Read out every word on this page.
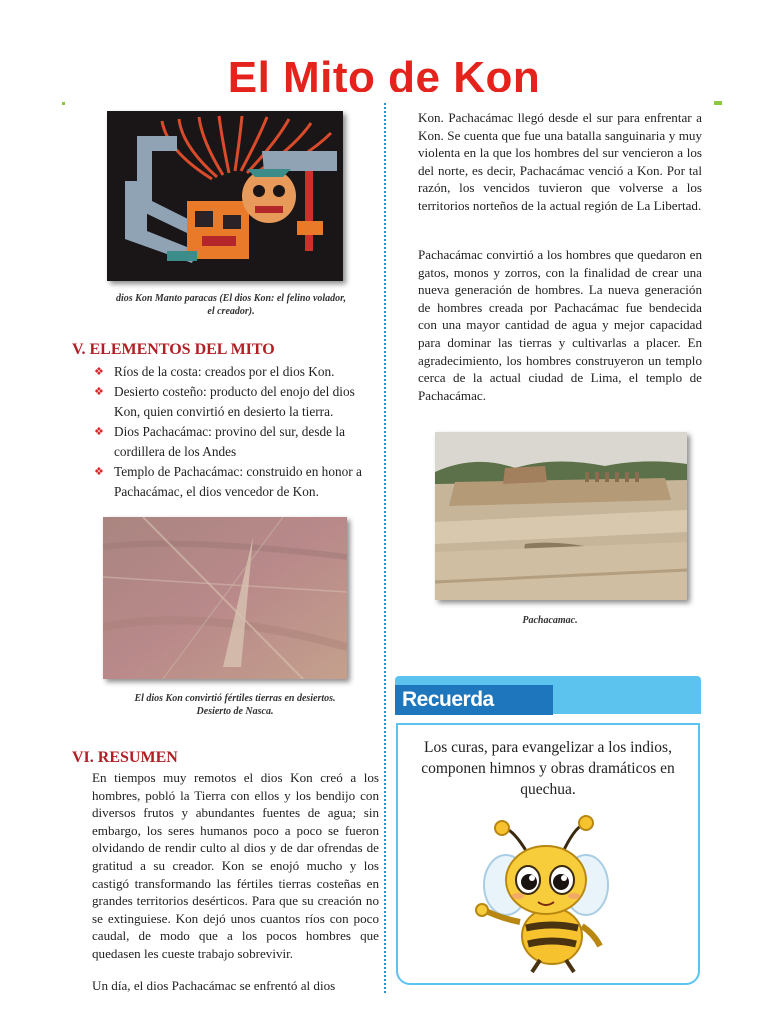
El Mito de Kon
dios Kon Manto paracas (El dios Kon: el felino volador,
el creador).
V. ELEMENTOS DEL MITO
❖ Ríos de la costa: creados por el dios Kon.
❖ Desierto costeño: producto del enojo del dios Kon, quien convirtió en desierto la tierra.
❖ Dios Pachacámac: provino del sur, desde la cordillera de los Andes
❖ Templo de Pachacámac: construido en honor a Pachacámac, el dios vencedor de Kon.
El dios Kon convirtió fértiles tierras en desiertos.
Desierto de Nasca.
VI. RESUMEN

En tiempos muy remotos el dios Kon creó a los hombres, pobló la Tierra con ellos y los bendijo con diversos frutos y abundantes fuentes de agua; sin embargo, los seres humanos poco a poco se fueron olvidando de rendir culto al dios y de dar ofrendas de gratitud a su creador. Kon se enojó mucho y los castigó transformando las fértiles tierras costeñas en grandes territorios desérticos. Para que su creación no se extinguiese. Kon dejó unos cuantos ríos con poco caudal, de modo que a los pocos hombres que quedasen les cueste trabajo sobrevivir.

Un día, el dios Pachacámac se enfrentó al dios

Kon. Pachacámac llegó desde el sur para enfrentar a Kon. Se cuenta que fue una batalla sanguinaria y muy violenta en la que los hombres del sur vencieron a los del norte, es decir, Pachacámac venció a Kon. Por tal razón, los vencidos tuvieron que volverse a los territorios norteños de la actual región de La Libertad.

Pachacámac convirtió a los hombres que quedaron en gatos, monos y zorros, con la finalidad de crear una nueva generación de hombres. La nueva generación de hombres creada por Pachacámac fue bendecida con una mayor cantidad de agua y mejor capacidad para dominar las tierras y cultivarlas a placer. En agradecimiento, los hombres construyeron un templo cerca de la actual ciudad de Lima, el templo de Pachacámac.

Pachacamac.
Recuerda

Los curas, para evangelizar a los indios, componen himnos y obras dramáticos en quechua.
